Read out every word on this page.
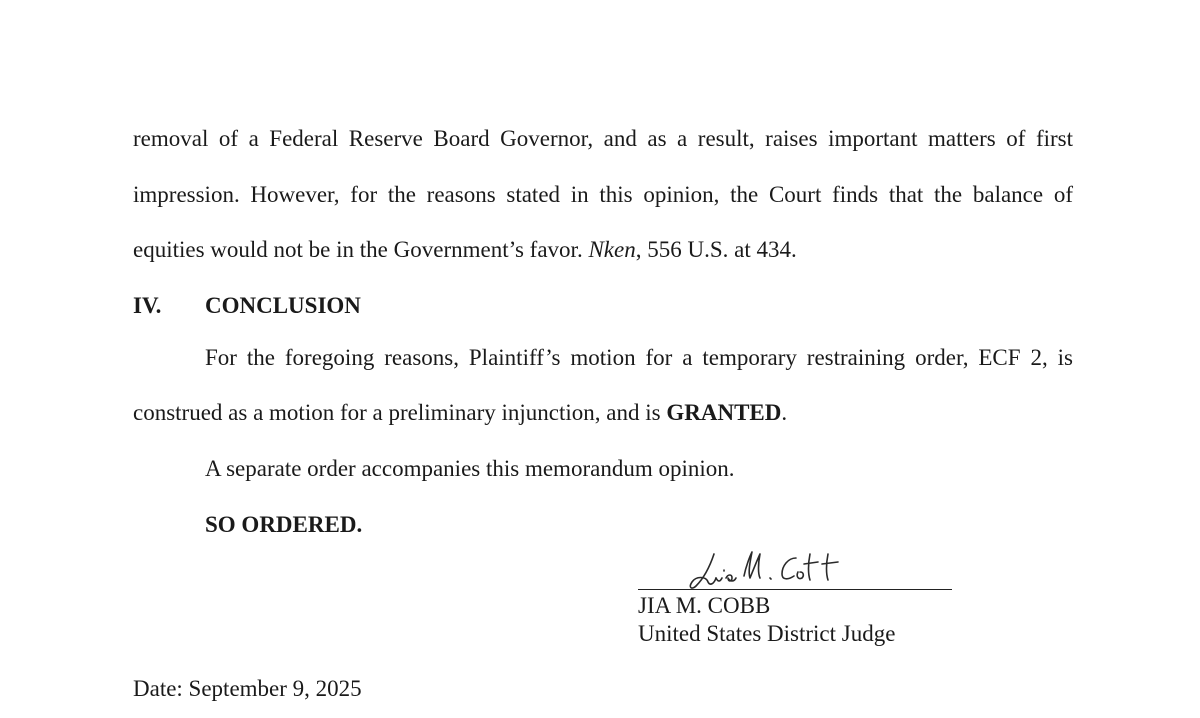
removal of a Federal Reserve Board Governor, and as a result, raises important matters of first
impression. However, for the reasons stated in this opinion, the Court finds that the balance of
equities would not be in the Government’s favor. Nken, 556 U.S. at 434.
IV. CONCLUSION
For the foregoing reasons, Plaintiff’s motion for a temporary restraining order, ECF 2, is
construed as a motion for a preliminary injunction, and is GRANTED.
A separate order accompanies this memorandum opinion.
SO ORDERED.
JIA M. COBB
United States District Judge
Date: September 9, 2025
